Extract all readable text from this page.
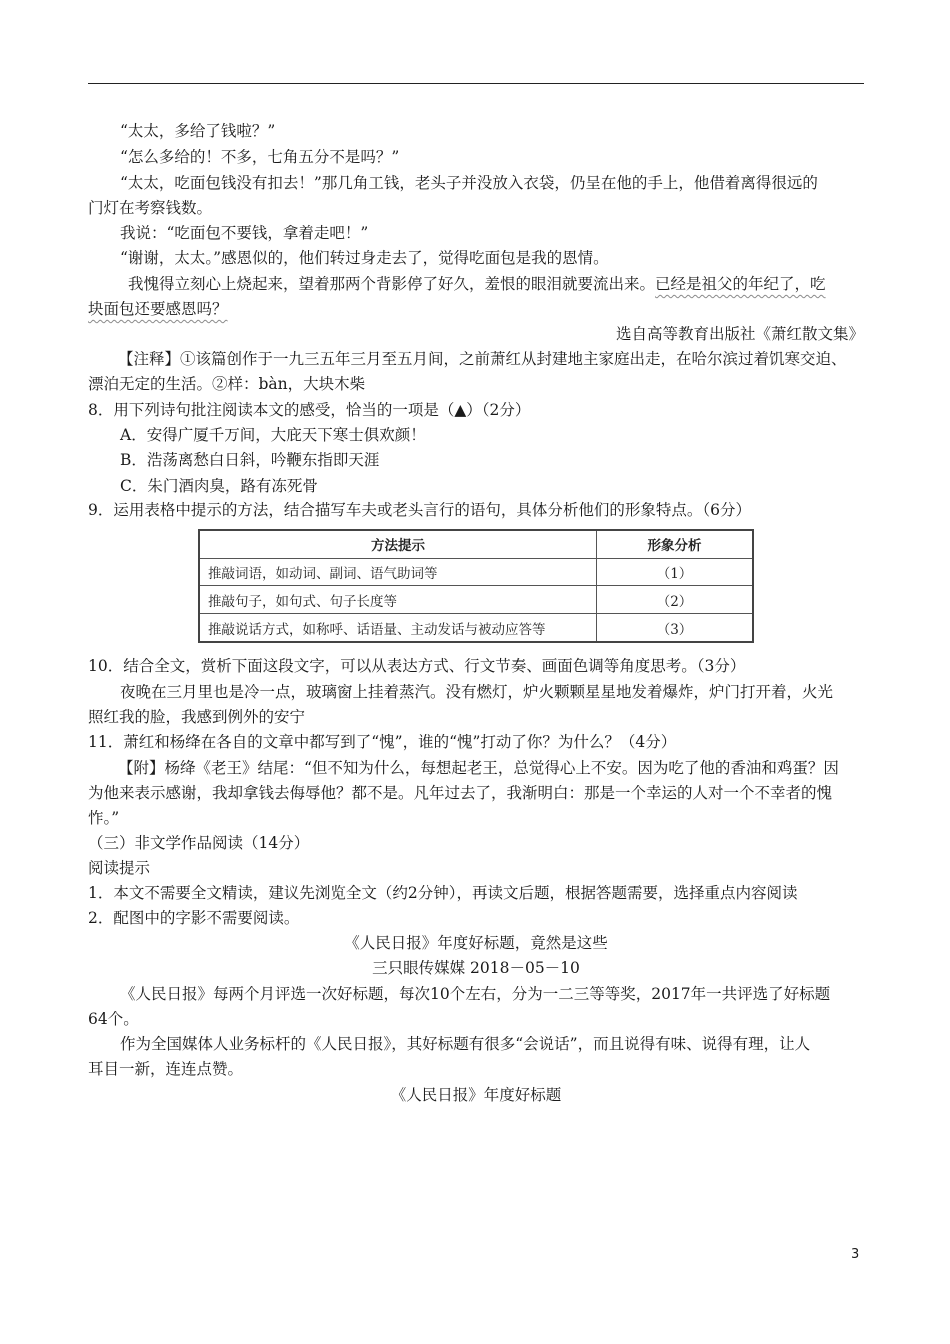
“太太，多给了钱啦？”
“怎么多给的！不多，七角五分不是吗？”
“太太，吃面包钱没有扣去！”那几角工钱，老头子并没放入衣袋，仍呈在他的手上，他借着离得很远的
门灯在考察钱数。
我说：“吃面包不要钱，拿着走吧！”
“谢谢，太太。”感恩似的，他们转过身走去了，觉得吃面包是我的恩情。
我愧得立刻心上烧起来，望着那两个背影停了好久，羞恨的眼泪就要流出来。已经是祖父的年纪了，吃
块面包还要感恩吗？
选自高等教育出版社《萧红散文集》
【注释】①该篇创作于一九三五年三月至五月间，之前萧红从封建地主家庭出走，在哈尔滨过着饥寒交迫、
漂泊无定的生活。②样：bàn，大块木柴
8．用下列诗句批注阅读本文的感受，恰当的一项是（▲）（2分）
A．安得广厦千万间，大庇天下寒士俱欢颜！
B．浩荡离愁白日斜，吟鞭东指即天涯
C．朱门酒肉臭，路有冻死骨
9．运用表格中提示的方法，结合描写车夫或老头言行的语句，具体分析他们的形象特点。（6分）
方法提示	形象分析
推敲词语，如动词、副词、语气助词等	（1）
推敲句子，如句式、句子长度等	（2）
推敲说话方式，如称呼、话语量、主动发话与被动应答等	（3）
10．结合全文，赏析下面这段文字，可以从表达方式、行文节奏、画面色调等角度思考。（3分）
夜晚在三月里也是冷一点，玻璃窗上挂着蒸汽。没有燃灯，炉火颗颗星星地发着爆炸，炉门打开着，火光
照红我的脸，我感到例外的安宁
11．萧红和杨绛在各自的文章中都写到了“愧”，谁的“愧”打动了你？为什么？（4分）
【附】杨绛《老王》结尾：“但不知为什么，每想起老王，总觉得心上不安。因为吃了他的香油和鸡蛋？因
为他来表示感谢，我却拿钱去侮辱他？都不是。凡年过去了，我渐明白：那是一个幸运的人对一个不幸者的愧
怍。”
（三）非文学作品阅读（14分）
阅读提示
1．本文不需要全文精读，建议先浏览全文（约2分钟），再读文后题，根据答题需要，选择重点内容阅读
2．配图中的字影不需要阅读。
《人民日报》年度好标题，竟然是这些
三只眼传媒媒 2018－05－10
《人民日报》每两个月评选一次好标题，每次10个左右，分为一二三等等奖，2017年一共评选了好标题
64个。
作为全国媒体人业务标杆的《人民日报》，其好标题有很多“会说话”，而且说得有味、说得有理，让人
耳目一新，连连点赞。
《人民日报》年度好标题
3
